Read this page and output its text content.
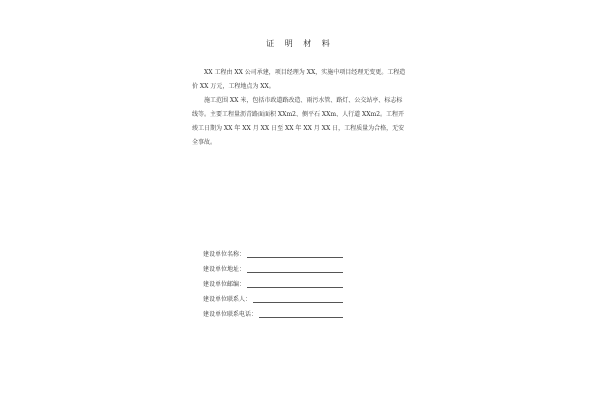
证 明 材 料

XX 工程由 XX 公司承建，项目经理为 XX，实施中项目经理无变更。工程造价 XX 万元，工程地点为 XX。

施工范围 XX 米，包括市政道路改造、雨污水管、路灯、公交站亭、标志标线等。主要工程量沥青路面面积 XXm2、侧平石 XXm、人行道 XXm2。工程开竣工日期为 XX 年 XX 月 XX 日至 XX 年 XX 月 XX 日，工程质量为合格，无安全事故。

建设单位名称：
建设单位地址：
建设单位邮编：
建设单位联系人：
建设单位联系电话：
